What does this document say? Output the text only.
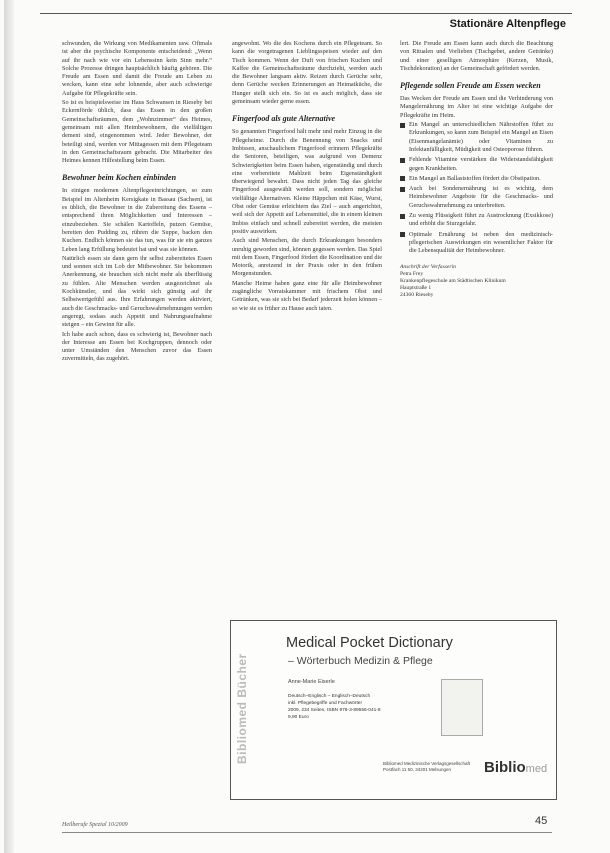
Stationäre Altenpflege

schwunden, die Wirkung von Medikamenten usw. Oftmals ist aber die psychische Komponente entscheidend: „Wenn auf ihr nach wie vor ein Lebenssinn kein Sinn mehr.“ Solche Prozesse dringen hauptsächlich häufig gehören. Die Freude am Essen und damit die Freude am Leben zu wecken, kann eine sehr lohnende, aber auch schwierige Aufgabe für Pflegekräfte sein.

So ist es beispielsweise im Haus Schwansen in Rieseby bei Eckernförde üblich, dass das Essen in den großen Gemeinschaftsräumen, dem „Wohnzimmer“ des Heimes, gemeinsam mit allen Heimbewohnern, die vielfältigen dement sind, eingenommen wird. Jeder Bewohner, der beteiligt sind, werden vor Mittagessen mit dem Pflegeteam in den Gemeinschaftsraum gebracht. Die Mitarbeiter des Heimes kennen Hilfestellung beim Essen.

Bewohner beim Kochen einbinden

In einigen modernen Altenpflegeeinrichtungen, so zum Beispiel im Altenheim Kersigkate in Bassau (Sachsen), ist es üblich, die Bewohner in die Zubereitung des Essens – entsprechend ihren Möglichkeiten und Interessen – einzubeziehen. Sie schälen Kartoffeln, putzen Gemüse, bereiten den Pudding zu, rühren die Suppe, backen den Kuchen. Endlich können sie das tun, was für sie ein ganzes Leben lang Erfüllung bedeutet hat und was sie können.

Natürlich essen sie dann gern ihr selbst zubereitetes Essen und sonnen sich im Lob der Mitbewohner. Sie bekommen Anerkennung, sie brauchen sich nicht mehr als überflüssig zu fühlen. Alte Menschen werden ausgezeichnet als Kochkünstler, und das wirkt sich günstig auf ihr Selbstwertgefühl aus. Ihre Erfahrungen werden aktiviert, auch die Geschmacks- und Geruchswahrnehmungen werden angeregt, sodass auch Appetit und Nahrungsaufnahme steigen – ein Gewinn für alle.

Ich habe auch schon, dass es schwierig ist, Bewohner nach der Interesse am Essen bei Kochgruppen, dennoch oder unter Umständen den Menschen zuvor das Essen zuvermitteln, das zugehört.

angewohnt. Wo die des Kochens durch ein Pflegeteam. So kann die vorgetragenen Lieblingsspeisen wieder auf den Tisch kommen. Wenn der Duft von frischen Kuchen und Kaffee die Gemeinschaftsräume durchzieht, werden auch die Bewohner langsam aktiv. Reizen durch Gerüche sehr, denn Gerüche wecken Erinnerungen an Heimatküche, die Hunger stellt sich ein. So ist es auch möglich, dass sie gemeinsam wieder gerne essen.

Fingerfood als gute Alternative

So genannten Fingerfood hält mehr und mehr Einzug in die Pflegeheime. Durch die Benennung von Snacks und Imbissen, anschaulichem Fingerfood erinnern Pflegekräfte die Senioren, beteiligen, was aufgrund von Demenz Schwierigkeiten beim Essen haben, eigenständig und durch eine vorbereitete Mahlzeit beim Eigenständigkeit überwiegend bewahrt. Dass nicht jeden Tag das gleiche Fingerfood ausgewählt werden soll, sondern möglichst vielfältige Alternativen. Kleine Häppchen mit Käse, Wurst, Obst oder Gemüse erleichtern das Ziel – auch angerichtet, weil sich der Appetit auf Lebensmittel, die in einem kleinen Imbiss einfach und schnell zubereitet werden, die meisten positiv auswirken.

Auch sind Menschen, die durch Erkrankungen besonders unruhig geworden sind, können gegessen werden. Das Spiel mit dem Essen, Fingerfood fördert die Koordination und die Motorik, anreizend in der Praxis oder in den frühen Morgenstunden.

Manche Heime haben ganz eine für alle Heimbewohner zugängliche Vorratskammer mit frischem Obst und Getränken, was sie sich bei Bedarf jederzeit holen können – so wie sie es früher zu Hause auch taten.

lert. Die Freude am Essen kann auch durch die Beachtung von Ritualen und Vorlieben (Tischgebet, andere Getränke) und einer geselligen Atmosphäre (Kerzen, Musik, Tischdekoration) an der Gemeinschaft gefördert werden.

Pflegende sollen Freude am Essen wecken

Das Wecken der Freude am Essen und die Verhinderung von Mangelernährung im Alter ist eine wichtige Aufgabe der Pflegekräfte im Heim.

Ein Mangel an unterschiedlichen Nährstoffen führt zu Erkrankungen, so kann zum Beispiel ein Mangel an Eisen (Eisenmangelanämie) oder Vitaminen zu Infektanfälligkeit, Müdigkeit und Osteoporose führen.
Fehlende Vitamine verstärken die Widerstandsfähigkeit gegen Krankheiten.
Ein Mangel an Ballaststoffen fördert die Obstipation.
Auch bei Sondenernährung ist es wichtig, dem Heimbewohner Angebote für die Geschmacks- und Geruchswahrnehmung zu unterbreiten.
Zu wenig Flüssigkeit führt zu Austrocknung (Exsikkose) und erhöht die Sturzgefahr.
Optimale Ernährung ist neben den medizinisch-pflegerischen Auswirkungen ein wesentlicher Faktor für die Lebensqualität der Heimbewohner.
Anschrift der Verfasserin
Petra Frey
Krankenpflegeschule am Städtischen Klinikum
Hauptstraße 1
24360 Rieseby
Bibliomed Bücher
Medical Pocket Dictionary
– Wörterbuch Medizin & Pflege
Anne-Marie Eiserle
Deutsch–Englisch – Englisch–Deutsch
inkl. Pflegebegriffe und Fachwörter
2009, 234 Seiten, ISBN 978-3-89556-041-8
9,90 Euro
Bibliomed Medizinische Verlagsgesellschaft
Postfach 11 50, 34201 Melsungen	Bibliomed
Heilberufe Spezial 10/2009	45
